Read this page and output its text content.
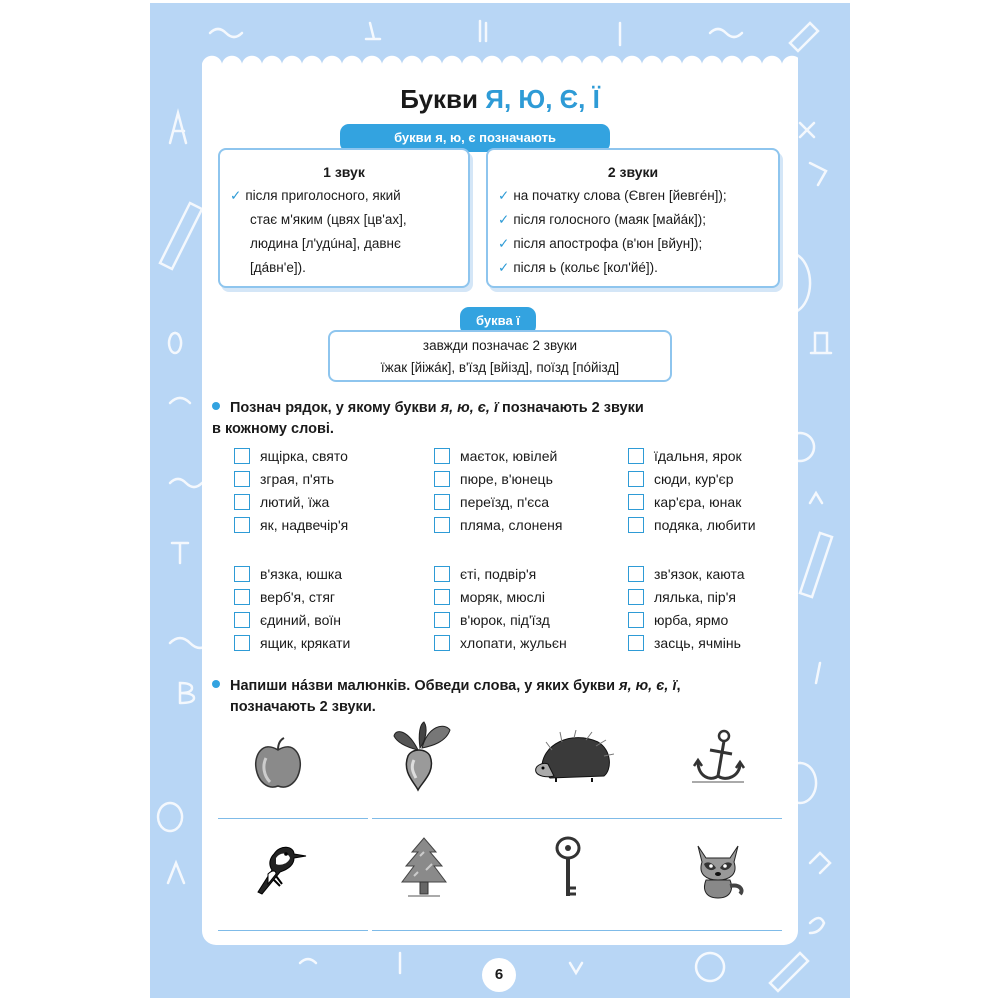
Букви Я, Ю, Є, Ї
букви я, ю, є позначають
1 звук
✓ після приголосного, який
стає м'яким (цвях [цв'ах],
людина [л'удúна], давнє
[дáвн'е]).
2 звуки
✓ на початку слова (Євген [йевгéн]);
✓ після голосного (маяк [майáк]);
✓ після апострофа (в'юн [вйун]);
✓ після ь (кольє [кол'йé]).
буква ї
завжди позначає 2 звуки
їжак [йіжáк], в'їзд [вйізд], поїзд [пóйізд]
Познач рядок, у якому букви я, ю, є, ї позначають 2 звуки
в кожному слові.
ящірка, свято
зграя, п'ять
лютий, їжа
як, надвечір'я
маєток, ювілей
пюре, в'юнець
переїзд, п'єса
пляма, слоненя
їдальня, ярок
сюди, кур'єр
кар'єра, юнак
подяка, любити
в'язка, юшка
верб'я, стяг
єдиний, воїн
ящик, крякати
єті, подвір'я
моряк, мюслі
в'юрок, під'їзд
хлопати, жульєн
зв'язок, каюта
лялька, пір'я
юрба, ярмо
засць, ячмінь
Напиши нáзви малюнків. Обведи слова, у яких букви я, ю, є, ї,
позначають 2 звуки.
6
